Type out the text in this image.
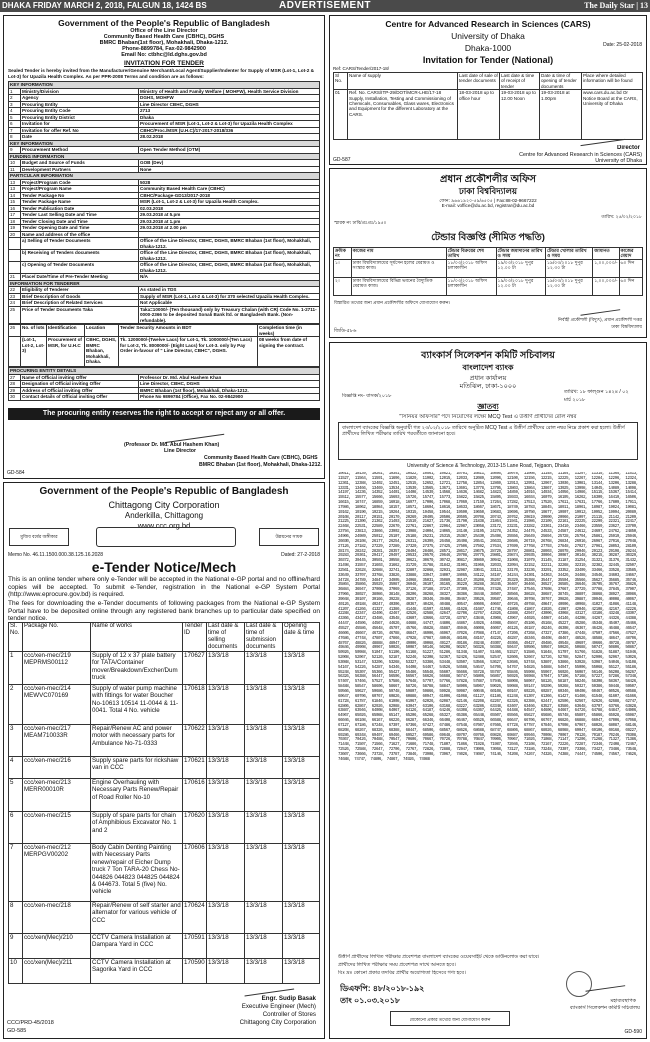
DHAKA FRIDAY MARCH 2, 2018, FALGUN 18, 1424 BS	ADVERTISEMENT	The Daily Star | 13
Government of the People's Republic of Bangladesh
Office of the Line Director
Community Based Health Care (CBHC), DGHS
BMRC Bhaban(1st floor), Mohakhali, Dhaka-1212.
Phone-8899784, Fax-02-9842900
Email No: ctbhc@ld.dghs.gov.bd
INVITATION FOR TENDER
Sealed Tender is hereby invited from the Manufacturer/Genuine Merchant/Local Agent/Supplier/Indenter for Supply of MSR (Lot-1, Lot-2 & Lot-3) for Upazila Health Complex. As per PPR-2008 Terms and condition are as follows:
KEY INFORMATION		
1	Ministry/Division	Ministry of Health and Family Welfare ( MOHFW), Health Service Division
2	Agency	DGHS, MOHFW
3	Procuring Entity	Line Director CBHC, DGHS
4	Procuring Entity Code	2713
5	Procuring Entity District	Dhaka
6	Invitation for	Procurement of MSR (Lot-1, Lot-2 & Lot-3) for Upazila Health Complex
7	Invitation for offer Ref. No	CBHC/Proc./MSR (U.H.C)/17-2017-2018/336
8	Date	28.02.2018
KEY INFORMATION		
9	Procurement Method	Open Tender Method (OTM)
FUNDING INFORMATION		
10	Budget and Source of Funds	GOB (Dev)
11	Development Partners	None
PARTICULAR INFORMATION		
13	Project/Program Code	5028
13	Project/Program Name	Community Based Health Care (CBHC)
14	Tender Package No	CBHC/Package-GD13/2017-2018
15	Tender Package Name	MSR (Lot-1, Lot-2 & Lot-3) for Upazila Health Complex.
16	Tender Publication Date	02.03.2018
17	Tender Last Selling Date and Time	29.03.2018 at 5.pm
18	Tender Closing Date and Time	29.03.2018 at 1.pm
19	Tender Opening Date and Time	29.03.2018 at 2.00 pm
20	Name and address of the office	
	a) Selling of Tender Documents	Office of the Line Director, CBHC, DGHS, BMRC Bhaban (1st floor), Mohakhali, Dhaka-1212.
	b) Receiving of Tenders documents	Office of the Line Director, CBHC, DGHS, BMRC Bhaban (1st floor), Mohakhali, Dhaka-1212.
	c) Opening of Tender Documents	Office of the Line Director, CBHC, DGHS, BMRC Bhaban (1st floor), Mohakhali, Dhaka-1212.
21	Place/ Date/Time of Pre-Tender Meeting	N/A
INFORMATION FOR TENDERER		
22	Eligibility of Tenderer	As stated in TDS
23	Brief Description of Goods	Supply of MSR (Lot-1, Lot-2 & Lot-3) for 370 selected Upazila Health Complex.
24	Brief Description of Related Services	Not Applicable
25	Price of Tender Documents Taka	Taka=10000/- (Ten thousand) only by Treasury Chalan (with CR) Code No. 1-2711-0000-2366 to be deposited Sonali Bank ltd. or Bangladesh Bank. (Non-refundable).
26	No. of lots	Identification	Location	Tender Security Amounts in BDT	Completion time (in weeks)
	(Lot-1, Lot-2, Lot-3)	Procurement of MSR, for U.H.C	CBHC, DGHS, BMRC Bhaban, Mohakhali, Dhaka.	Tk. 1200000/-(Twelve Lacs) for Lot-1, Tk. 1000000/-(Ten Lacs) for Lot-2, Tk. 8000000/- (Eight Lacs) for Lot-3. only by Pay Order in-favour of " Line Director, CBHC", DGHS.	08 weeks from date of signing the contract.
PROCURING ENTITY DETAILS		
27	Name of Official inviting Offer	Professor Dr. Md. Abul Hashem Khan
28	Designation of Official inviting Offer	Line Director, CBHC, DGHS
29	Address of Official inviting Offer	BMRC Bhaban (1st floor), Mohakhali, Dhaka-1212.
30	Contact details of Official inviting Offer	Phone No 9899784 (Office), Fax No. 02-9842900
The procuring entity reserves the right to accept or reject any or all offer.
(Professor Dr. Md. Abul Hashem Khan)
Line Director
Community Based Health Care (CBHC), DGHS
BMRC Bhaban (1st floor), Mohakhali, Dhaka-1212.
GD-584
Centre for Advanced Research in Sciences (CARS)
University of Dhaka
Dhaka-1000
Invitation for Tender (National)
Ref: CARS/Tender/2017-18/
Date: 25-02-2018
Sl No.	Name of supply	Last date of sale of tender documents	Last date & time of receipt of tender	Date & time of opening of tender documents	Place where detailed information will be found
01	Ref. No. CARS/ITP-29/DOT/MCR-LHE/17-18 Supply, Installation, Testing and Commissioning of Chemicals, Consumables, Glass wares, Electronics and Equipment for the different Laboratory at the CARS.	18-03-2018 up to office hour	19-03-2018 up to 12.00 Noon	19-03-2018 at 1.00pm	www.cars.du.ac.bd Or Notice Board at the CARS, University of Dhaka
Director
Centre for Advanced Research in Sciences (CARS)
University of Dhaka
GD-587
প্রধান প্রকৌশলীর অফিস
ঢাকা বিশ্ববিদ্যালয়
ফোন: ৯৬৬১৯২০-৫৯/৬৫০৫ | Fax:88-02-9667222
E-mail: voffice@du.ac.bd, registrar@du.ac.bd
স্মারক নং ঢাবি/প্রঃপ্রঃ/১৯৫০
তারিখ: ২৫/০২/২০১৮
টেন্ডার বিজ্ঞপ্তি (সীমিত পদ্ধতি)
ক্রমিক নং	কাজের নাম	টেন্ডার বিক্রয়ের শেষ তারিখ	টেন্ডার জমাদানের তারিখ ও সময়	টেন্ডার খোলার তারিখ ও সময়	জামানত	কাজের মেয়াদ
১।	ঢাকা বিশ্ববিদ্যালয়ের সূর্যসেন হলের মেরামত ও সংস্কার কাজ।	১৮/০৩/২০১৮ অফিস চলাকালীন	১৯/০৩/২০১৮ দুপুর ১২.০০ টা	১৯/০৩/২০১৮ দুপুর ১২.৩০ টা	১,০০,০০০/-	৬০ দিন
২।	ঢাকা বিশ্ববিদ্যালয়ের বিভিন্ন ভবনের বৈদ্যুতিক মেরামত কাজ।	১৮/০৩/২০১৮ অফিস চলাকালীন	১৯/০৩/২০১৮ দুপুর ১২.০০ টা	১৯/০৩/২০১৮ দুপুর ১২.৩০ টা	১,০০,০০০/-	৬০ দিন
বিস্তারিত তথ্যের জন্য প্রধান প্রকৌশলীর অফিসে যোগাযোগ করুন।
নির্বাহী প্রকৌশলী (বিদ্যুৎ), প্রধান প্রকৌশলী দপ্তর
ঢাকা বিশ্ববিদ্যালয়
জিডি-৫৮৬
Government of the People's Republic of Bangladesh
Chittagong City Corporation
Anderkilla, Chittagong
www.ccc.org.bd
মুজিব বর্ষের অঙ্গীকার	উন্নয়নের সাধক
Memo No. 46.11.1500.000.38.125.16.2028	Dated: 27-2-2018
e-Tender Notice/Mech
This is an online tender where only e-Tender will be accepted in the National e-GP portal and no offline/hard copies will be accepted. To submit e-Tender, registration in the National e-GP System Portal (http://www.eprocure.gov.bd) is required.
The fees for downloading the e-Tender documents of following packages from the National e-GP System Portal have to be deposited online through any registered bank branches up to particular date specified on tender notice.
Sl. No.	Package No.	Name of works	Tender ID	Last date & time of selling documents	Last date & time of submission documents	Opening date & time
1	ccc/xen-mec/219 MEPRMS00112	Supply of 12 x 37 plate battery for TATA/Container mover/Breakdown/Excher/Dum truck	170627	13/3/18	13/3/18	13/3/18
2	ccc/xen-mec/214 MEWVC070169	Supply of water pump machine with fittings for water Boucher No-10613 10514 11-0044 & 11-0041. Total 4 No. vehicle	170618	13/3/18	13/3/18	13/3/18
3	ccc/xen-mec/217 MEAM710033R	Repair/Renew AC and power motor with necessary parts for Ambulance No-71-0333	170622	13/3/18	13/3/18	13/3/18
4	ccc/xen-mec/216	Supply spare parts for rickshaw van in CCC	170621	13/3/18	13/3/18	13/3/18
5	ccc/xen-mec/213 MERR00010R	Engine Overhauling with Necessary Parts Renew/Repair of Road Roller No-10	170616	13/3/18	13/3/18	13/3/18
6	ccc/xen-mec/215	Supply of spare parts for chain of Amphibious Excavator No. 1 and 2	170620	13/3/18	13/3/18	13/3/18
7	ccc/xen-mec/212 MERPGV00202	Body Cabin Denting Painting with Necessary Parts renew/repair of Eicher Dump truck 7 Ton TARA-20 Chess No-044826 044823 044825 044824 & 044673. Total 5 (five) No. vehicle	170606	13/3/18	13/3/18	13/3/18
8	ccc/xen-mec/218	Repair/Renew of self starter and alternator for various vehicle of CCC	170624	13/3/18	13/3/18	13/3/18
9	ccc/xen(Mec)/210	CCTV Camera Installation at Dampara Yard in CCC	170591	13/3/18	13/3/18	13/3/18
10	ccc/xen(Mec)/211	CCTV Camera Installation at Sagorika Yard in CCC	170590	13/3/18	13/3/18	13/3/18
Engr. Sudip Basak
Executive Engineer (Mech)
Controller of Stores
Chittagong City Corporation
CCC/PRD-45/2018
GD-585
ব্যাংকার্স সিলেকশন কমিটি সচিবালয়
বাংলাদেশ ব্যাংক
প্রধান কার্যালয়
মতিঝিল, ঢাকা-১০০০
বিজ্ঞপ্তি নং- বাসক/২০১৮
তারিখ: ১৮ ফাল্গুন ১৪২৪ / ০২ মার্চ ২০১৮
জ্ঞাতব্য
"সিনিয়র অফিসার" পদে নিয়োগের লক্ষ্যে MCQ Test এ উত্তীর্ণ প্রার্থীদের রোল নম্বর
বাংলাদেশ ব্যাংকের বিজ্ঞপ্তি অনুযায়ী গত ২৩/০২/২০১৮ তারিখে অনুষ্ঠিত MCQ Test এ উত্তীর্ণ প্রার্থীদের রোল নম্বর নিম্নে প্রকাশ করা হলো। উত্তীর্ণ প্রার্থীদের লিখিত পরীক্ষার তারিখ পরবর্তীতে জানানো হবে।
University of Science & Technology, 2013-15 Lane Road, Tejgaon, Dhaka
10011, 10139, 10261, 10351, 10522, 10561, 10621, 10701, 10811, 10895, 10978, 11008, 11148, 11164, 11297, 11315, 11365, 11513, 11527, 11564, 11591, 11696, 11829, 11902, 12015, 12033, 12089, 12096, 12100, 12156, 12215, 12225, 12267, 12284, 12296, 12324, 12361, 12388, 12402, 12451, 12515, 12652, 12721, 12758, 12854, 12869, 12913, 12951, 12967, 13036, 13081, 13144, 13206, 13288, 13331, 13466, 13469, 13534, 13539, 13565, 13671, 13691, 13778, 13795, 13803, 13864, 13867, 13925, 13998, 14045, 14089, 14098, 14197, 14236, 14352, 14401, 14408, 14539, 14568, 14636, 14682, 14823, 14859, 14916, 14934, 14956, 14986, 15115, 15367, 15414, 15512, 15577, 15666, 15693, 15726, 15747, 15773, 15822, 15825, 15895, 15933, 16034, 16079, 16195, 16262, 16309, 16419, 16506, 16615, 16747, 16859, 16918, 16977, 17006, 17068, 17069, 17159, 17264, 17282, 17513, 17520, 17611, 17631, 17766, 17809, 17911, 17986, 18062, 18084, 18157, 18571, 18604, 18616, 18633, 18667, 18671, 18749, 18783, 18845, 18911, 18961, 18987, 19024, 19081, 19162, 19190, 19215, 19264, 19315, 19458, 19544, 19590, 19650, 19683, 19696, 19750, 19877, 19907, 19913, 19952, 19994, 20089, 20108, 20117, 20151, 20170, 20269, 20405, 20506, 20595, 20708, 20743, 20762, 20819, 20900, 20966, 21097, 21115, 21142, 21209, 21225, 21300, 21362, 21493, 21519, 21627, 21736, 21790, 21838, 21864, 21941, 21986, 22109, 22161, 22225, 22299, 22321, 22417, 22468, 22531, 22589, 22670, 22761, 22867, 22964, 22987, 23058, 23172, 23231, 23282, 23361, 23410, 23466, 23559, 23627, 23709, 23794, 23813, 23866, 23902, 23988, 24004, 24065, 24140, 24195, 24278, 24352, 24476, 24533, 24587, 24612, 24697, 24762, 24850, 24906, 24989, 25012, 25107, 25188, 25231, 25315, 25387, 25430, 25498, 25556, 25649, 25694, 25728, 25794, 25861, 25919, 25946, 26030, 26108, 26177, 26254, 26311, 26399, 26458, 26498, 26541, 26633, 26686, 26719, 26768, 26834, 26916, 26967, 27016, 27048, 27126, 27182, 27229, 27289, 27320, 27375, 27425, 27506, 27592, 27634, 27699, 27768, 27793, 27848, 27927, 27961, 28053, 28109, 28174, 28242, 28281, 28357, 28404, 28486, 28571, 28617, 28675, 28729, 28797, 28861, 28903, 28978, 29046, 29123, 29198, 29244, 29283, 29361, 29417, 29497, 29533, 29579, 29646, 29708, 29775, 29801, 29874, 29935, 30004, 30087, 30148, 30215, 30287, 30329, 30372, 30445, 30501, 30558, 30621, 30679, 30742, 30817, 30869, 30942, 31008, 31079, 31145, 31187, 31254, 31321, 31376, 31432, 31498, 31557, 31603, 31662, 31729, 31788, 31842, 31901, 31966, 32033, 32094, 32152, 32211, 32268, 32319, 32382, 32445, 32507, 32561, 32628, 32688, 32741, 32807, 32868, 32931, 32987, 33041, 33113, 33170, 33236, 33291, 33352, 33409, 33466, 33528, 33585, 33649, 33707, 33768, 33826, 33888, 33947, 34007, 34065, 34122, 34187, 34244, 34301, 34363, 34426, 34488, 34546, 34603, 34667, 34728, 34789, 34847, 34905, 34968, 35031, 35089, 35147, 35208, 35267, 35329, 35388, 35447, 35504, 35566, 35627, 35685, 35746, 35804, 35866, 35929, 35987, 36048, 36107, 36165, 36229, 36288, 36345, 36407, 36466, 36527, 36585, 36646, 36705, 36767, 36826, 36884, 36947, 37008, 37069, 37126, 37188, 37247, 37309, 37366, 37428, 37487, 37546, 37608, 37667, 37729, 37788, 37845, 37907, 37966, 38027, 38086, 38148, 38206, 38268, 38327, 38386, 38448, 38507, 38566, 38628, 38687, 38745, 38807, 38868, 38927, 38986, 39048, 39107, 39166, 39228, 39287, 39346, 39408, 39467, 39526, 39587, 39646, 39708, 39767, 39826, 39887, 39946, 40008, 40067, 40126, 40188, 40247, 40306, 40367, 40426, 40488, 40547, 40606, 40667, 40726, 40788, 40847, 40906, 40968, 41027, 41086, 41148, 41207, 41266, 41327, 41386, 41448, 41507, 41566, 41628, 41687, 41746, 41808, 41867, 41926, 41987, 42046, 42108, 42167, 42226, 42288, 42347, 42406, 42467, 42526, 42588, 42647, 42706, 42767, 42826, 42888, 42947, 43006, 43068, 43127, 43186, 43248, 43307, 43366, 43427, 43486, 43548, 43607, 43666, 43728, 43787, 43846, 43908, 43967, 44026, 44087, 44146, 44208, 44267, 44326, 44388, 44447, 44506, 44567, 44626, 44688, 44747, 44806, 44867, 44926, 44988, 45047, 45106, 45168, 45227, 45286, 45348, 45407, 45466, 45527, 45586, 45648, 45707, 45766, 45828, 45887, 45946, 46008, 46067, 46126, 46187, 46246, 46308, 46367, 46426, 46488, 46547, 46606, 46667, 46726, 46788, 46847, 46906, 46967, 47026, 47088, 47147, 47206, 47268, 47327, 47386, 47448, 47507, 47566, 47627, 47686, 47748, 47807, 47866, 47928, 47987, 48046, 48108, 48167, 48226, 48287, 48346, 48408, 48467, 48526, 48588, 48647, 48706, 48767, 48826, 48888, 48947, 49006, 49068, 49127, 49186, 49248, 49307, 49366, 49427, 49486, 49548, 49607, 49666, 49728, 49787, 49846, 49908, 49967, 50026, 50087, 50146, 50208, 50267, 50326, 50388, 50447, 50506, 50567, 50626, 50688, 50747, 50806, 50867, 50926, 50988, 51047, 51106, 51168, 51227, 51286, 51348, 51407, 51466, 51527, 51586, 51648, 51707, 51766, 51828, 51887, 51946, 52008, 52067, 52126, 52187, 52246, 52308, 52367, 52426, 52488, 52547, 52606, 52667, 52726, 52788, 52847, 52906, 52967, 53026, 53088, 53147, 53206, 53268, 53327, 53386, 53448, 53507, 53566, 53627, 53686, 53748, 53807, 53866, 53928, 53987, 54046, 54108, 54167, 54226, 54287, 54346, 54408, 54467, 54526, 54588, 54647, 54706, 54767, 54826, 54888, 54947, 55006, 55068, 55127, 55186, 55248, 55307, 55366, 55427, 55486, 55548, 55607, 55666, 55728, 55787, 55846, 55908, 55967, 56026, 56087, 56146, 56208, 56267, 56326, 56388, 56447, 56506, 56567, 56626, 56688, 56747, 56806, 56867, 56926, 56988, 57047, 57106, 57168, 57227, 57286, 57348, 57407, 57466, 57527, 57586, 57648, 57707, 57766, 57828, 57887, 57946, 58008, 58067, 58126, 58187, 58246, 58308, 58367, 58426, 58488, 58547, 58606, 58667, 58726, 58788, 58847, 58906, 58967, 59026, 59088, 59147, 59206, 59268, 59327, 59386, 59448, 59507, 59566, 59627, 59686, 59748, 59807, 59866, 59928, 59987, 60046, 60108, 60167, 60226, 60287, 60346, 60408, 60467, 60526, 60588, 60647, 60706, 60767, 60826, 60888, 60947, 61006, 61068, 61127, 61186, 61248, 61307, 61366, 61427, 61486, 61548, 61607, 61666, 61728, 61787, 61846, 61908, 61967, 62026, 62087, 62146, 62208, 62267, 62326, 62388, 62447, 62506, 62567, 62626, 62688, 62747, 62806, 62867, 62926, 62988, 63047, 63106, 63168, 63227, 63286, 63348, 63407, 63466, 63527, 63586, 63648, 63707, 63766, 63828, 63887, 63946, 64008, 64067, 64126, 64187, 64246, 64308, 64367, 64426, 64488, 64547, 64606, 64667, 64726, 64788, 64847, 64906, 64967, 65026, 65088, 65147, 65206, 65268, 65327, 65386, 65448, 65507, 65566, 65627, 65686, 65748, 65807, 65866, 65928, 65987, 66046, 66108, 66167, 66226, 66287, 66346, 66408, 66467, 66526, 66588, 66647, 66706, 66767, 66826, 66888, 66947, 67006, 67068, 67127, 67186, 67248, 67307, 67366, 67427, 67486, 67548, 67607, 67666, 67728, 67787, 67846, 67908, 67967, 68026, 68087, 68146, 68208, 68267, 68326, 68388, 68447, 68506, 68567, 68626, 68688, 68747, 68806, 68867, 68926, 68988, 69047, 69106, 69168, 69227, 69286, 69348, 69407, 69466, 69527, 69586, 69648, 69707, 69766, 69828, 69887, 69946, 70008, 70067, 70126, 70187, 70246, 70308, 70367, 70426, 70488, 70547, 70606, 70667, 70726, 70788, 70847, 70906, 70967, 71026, 71088, 71147, 71206, 71268, 71327, 71386, 71448, 71507, 71566, 71627, 71686, 71748, 71807, 71866, 71928, 71987, 72046, 72108, 72167, 72226, 72287, 72346, 72408, 72467, 72526, 72588, 72647, 72706, 72767, 72826, 72888, 72947, 73006, 73068, 73127, 73186, 73248, 73307, 73366, 73427, 73486, 73548, 73607, 73666, 73728, 73787, 73846, 73908, 73967, 74026, 74087, 74146, 74208, 74267, 74326, 74388, 74447, 74506, 74567, 74626, 74688, 74747, 74806, 74867, 74926, 74988
উত্তীর্ণ প্রার্থীদের লিখিত পরীক্ষার প্রবেশপত্র বাংলাদেশ ব্যাংকের ওয়েবসাইট থেকে ডাউনলোড করা যাবে।
প্রার্থীদের লিখিত পরীক্ষার সময় প্রবেশপত্র সাথে আনতে হবে।
বিঃ দ্রঃ কোনো প্রকার তদবির প্রার্থীর অযোগ্যতা হিসেবে গণ্য হবে।
ডিএফপি: ৪৮/২০১৮-১৯২
তাং ০১.০৩.২০১৮
যেকোনো প্রকার তথ্যের জন্য যোগাযোগ করুন
মহাব্যবস্থাপক
ব্যাংকার্স সিলেকশন কমিটি সচিবালয়
GD-590
